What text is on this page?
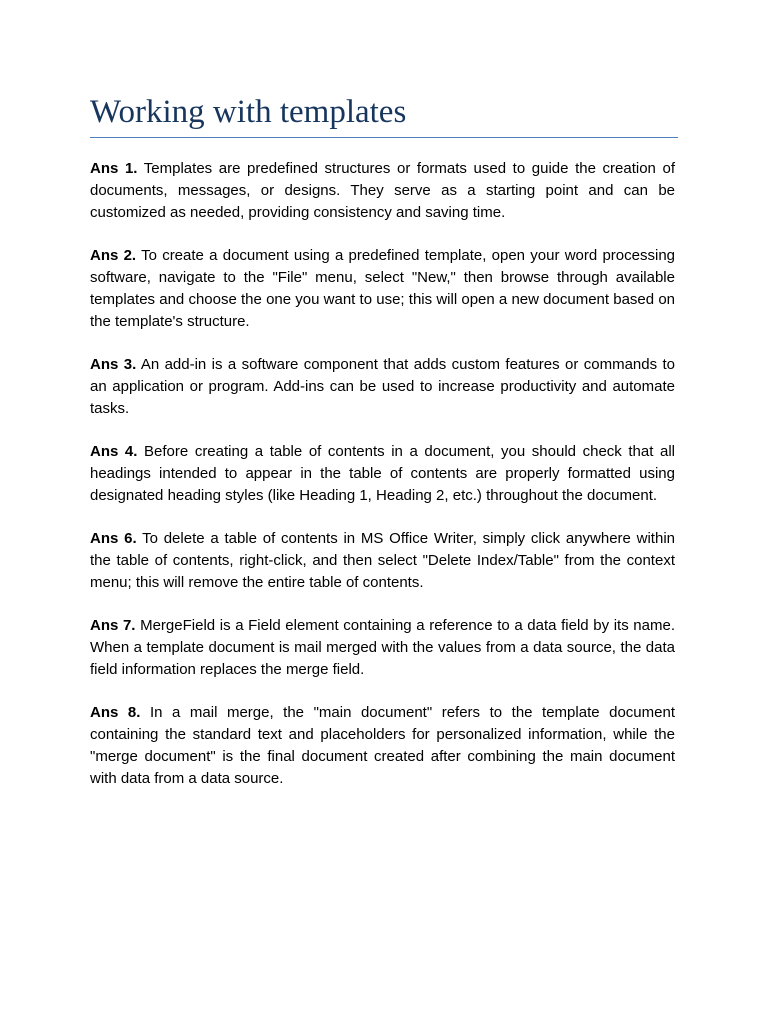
Working with templates

Ans 1. Templates are predefined structures or formats used to guide the creation of documents, messages, or designs. They serve as a starting point and can be customized as needed, providing consistency and saving time.

Ans 2. To create a document using a predefined template, open your word processing software, navigate to the "File" menu, select "New," then browse through available templates and choose the one you want to use; this will open a new document based on the template's structure.

Ans 3. An add-in is a software component that adds custom features or commands to an application or program. Add-ins can be used to increase productivity and automate tasks.

Ans 4. Before creating a table of contents in a document, you should check that all headings intended to appear in the table of contents are properly formatted using designated heading styles (like Heading 1, Heading 2, etc.) throughout the document.

Ans 6. To delete a table of contents in MS Office Writer, simply click anywhere within the table of contents, right-click, and then select "Delete Index/Table" from the context menu; this will remove the entire table of contents.

Ans 7. MergeField is a Field element containing a reference to a data field by its name. When a template document is mail merged with the values from a data source, the data field information replaces the merge field.

Ans 8. In a mail merge, the "main document" refers to the template document containing the standard text and placeholders for personalized information, while the "merge document" is the final document created after combining the main document with data from a data source.
